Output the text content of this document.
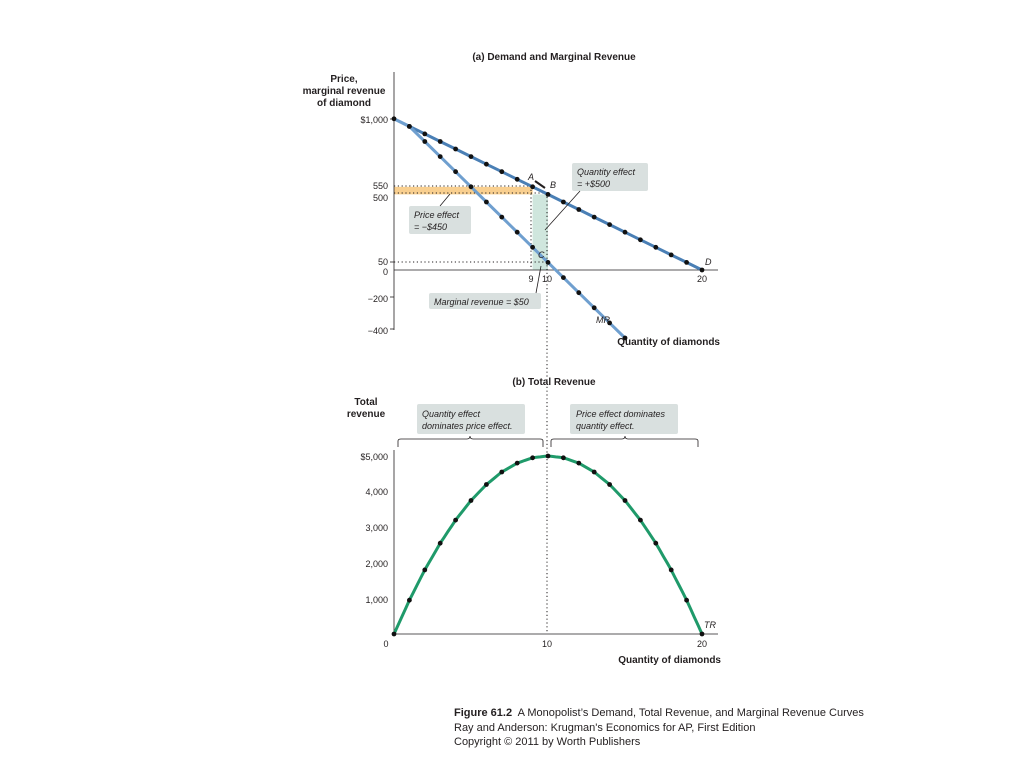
(a) Demand and Marginal Revenue
Price,
marginal revenue
of diamond
$1,000
550
500
50
0
−200
−400
9 10	20
A
B
C
D
MR
Quantity effect
= +$500
Price effect
= −$450
Marginal revenue = $50
Quantity of diamonds
(b) Total Revenue
Total
revenue	Quantity effect
dominates price effect.
Price effect dominates
quantity effect.
$5,000
4,000
3,000
2,000
1,000
0	10	20
TR
Quantity of diamonds
Figure 61.2 A Monopolist’s Demand, Total Revenue, and Marginal Revenue Curves
Ray and Anderson: Krugman's Economics for AP, First Edition
Copyright © 2011 by Worth Publishers
